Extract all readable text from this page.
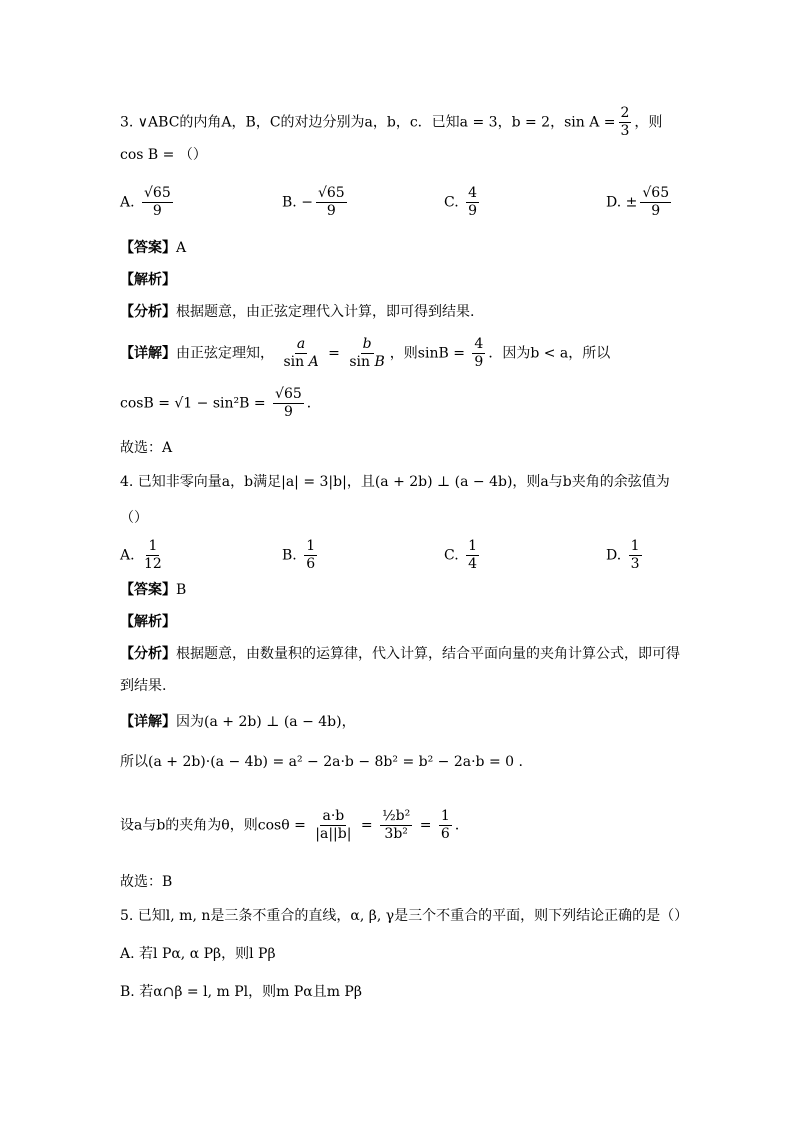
3. ∨ABC的内角A，B，C的对边分别为a，b，c．已知a = 3，b = 2，$\sin A = \frac{2}{3}$ ，则
cos B = （）
A. $\frac{√65}{9}$	B. − $\frac{√65}{9}$	C. $\frac{4}{9}$	D. ± $\frac{√65}{9}$
【答案】A
【解析】
【分析】根据题意，由正弦定理代入计算，即可得到结果.
【详解】由正弦定理知， $\frac{a}{\text{sin A}} = \frac{b}{\text{sin B}}$ ，则$\sin B = \frac{4}{9}$ ．因为b < a，所以
$\cos B = √1 - \sin^2B = \frac{√65}{9}$ ．
故选：A
4. 已知非零向量a，b满足|a| = 3|b|，且(a + 2b) ⊥ (a − 4b)，则a与b夹角的余弦值为
（）
A. $\frac{1}{12}$	B. $\frac{1}{6}$	C. $\frac{1}{4}$	D. $\frac{1}{3}$
【答案】B
【解析】
【分析】根据题意，由数量积的运算律，代入计算，结合平面向量的夹角计算公式，即可得
到结果.
【详解】因为(a + 2b) ⊥ (a − 4b)，
所以(a + 2b)·(a − 4b) = a² − 2a·b − 8b² = b² − 2a·b = 0 .
设a与b的夹角为θ，则$\cos\theta = \frac{a\cdot b}{|a||b|} = \frac{\text{½b²}}{\text{3b²}} = \frac{1}{6}$ ．
故选：B
5. 已知l, m, n是三条不重合的直线，α, β, γ是三个不重合的平面，则下列结论正确的是（）
A. 若l Pα, α Pβ，则l Pβ
B. 若α∩β = l, m Pl，则m Pα且m Pβ
